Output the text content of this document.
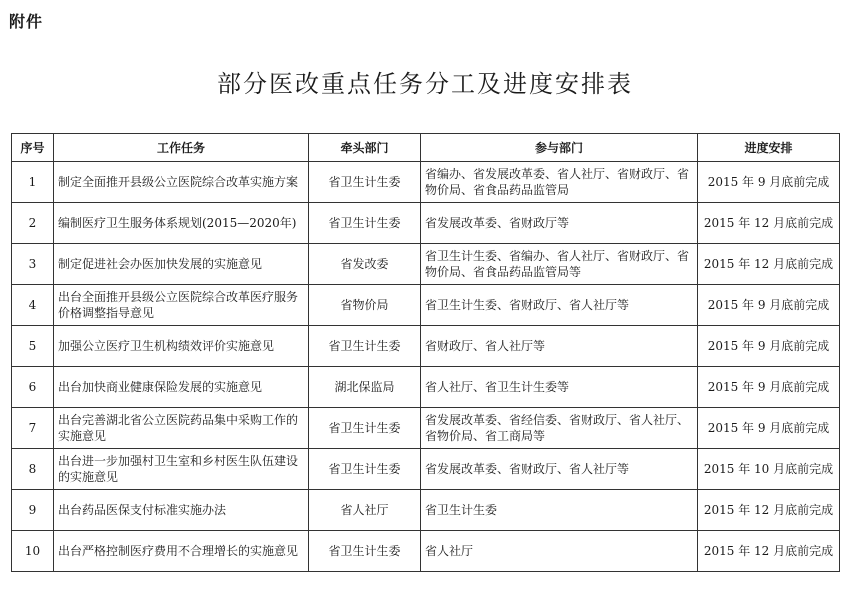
附件
部分医改重点任务分工及进度安排表
序号	工作任务	牵头部门	参与部门	进度安排
1	制定全面推开县级公立医院综合改革实施方案	省卫生计生委	省编办、省发展改革委、省人社厅、省财政厅、省物价局、省食品药品监管局	2015 年 9 月底前完成
2	编制医疗卫生服务体系规划(2015—2020年)	省卫生计生委	省发展改革委、省财政厅等	2015 年 12 月底前完成
3	制定促进社会办医加快发展的实施意见	省发改委	省卫生计生委、省编办、省人社厅、省财政厅、省物价局、省食品药品监管局等	2015 年 12 月底前完成
4	出台全面推开县级公立医院综合改革医疗服务价格调整指导意见	省物价局	省卫生计生委、省财政厅、省人社厅等	2015 年 9 月底前完成
5	加强公立医疗卫生机构绩效评价实施意见	省卫生计生委	省财政厅、省人社厅等	2015 年 9 月底前完成
6	出台加快商业健康保险发展的实施意见	湖北保监局	省人社厅、省卫生计生委等	2015 年 9 月底前完成
7	出台完善湖北省公立医院药品集中采购工作的实施意见	省卫生计生委	省发展改革委、省经信委、省财政厅、省人社厅、省物价局、省工商局等	2015 年 9 月底前完成
8	出台进一步加强村卫生室和乡村医生队伍建设的实施意见	省卫生计生委	省发展改革委、省财政厅、省人社厅等	2015 年 10 月底前完成
9	出台药品医保支付标准实施办法	省人社厅	省卫生计生委	2015 年 12 月底前完成
10	出台严格控制医疗费用不合理增长的实施意见	省卫生计生委	省人社厅	2015 年 12 月底前完成
